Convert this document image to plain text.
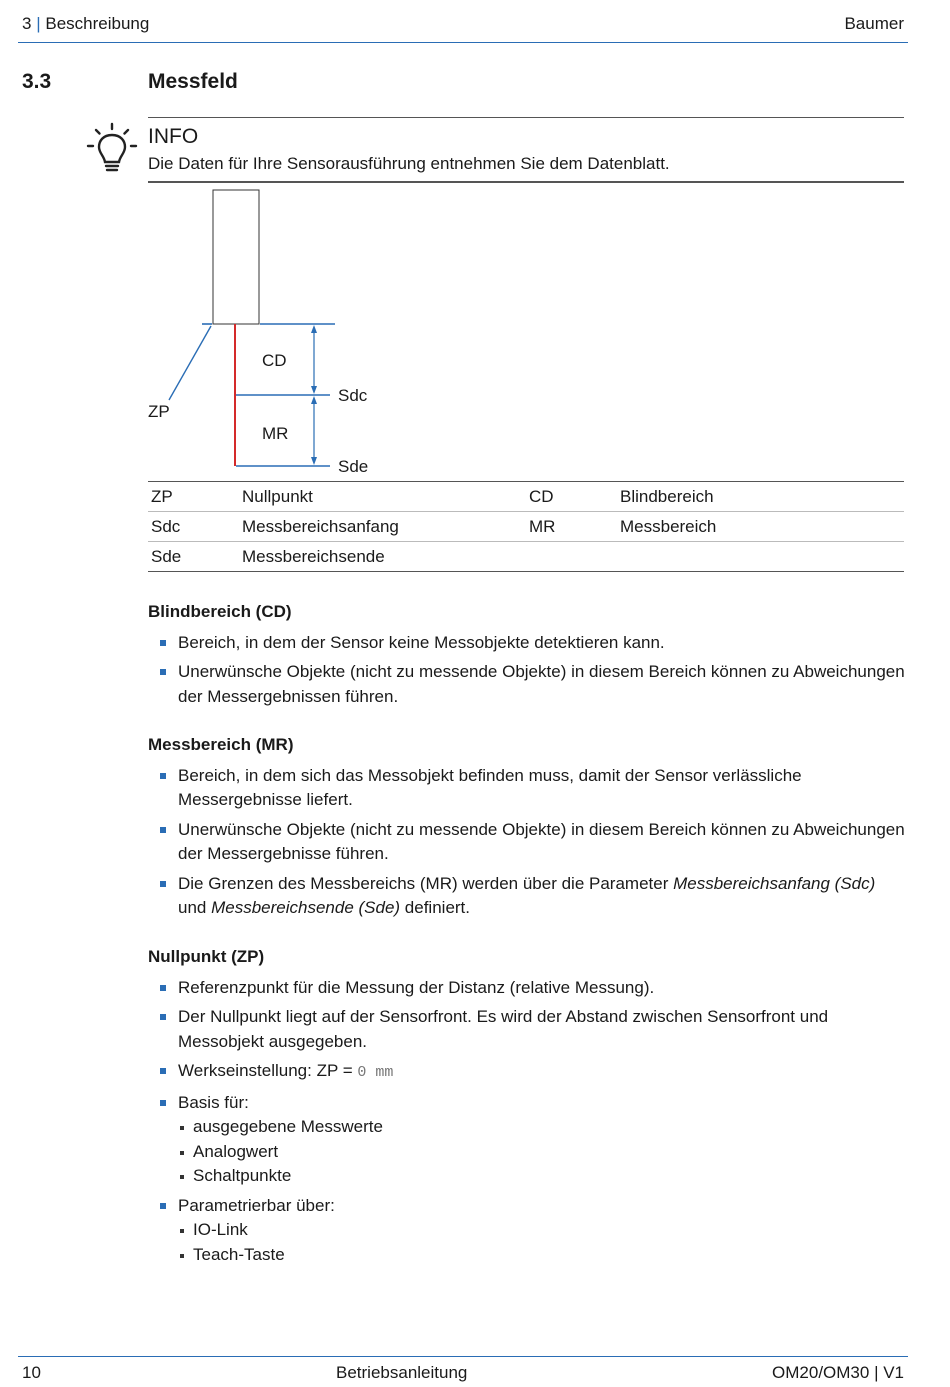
3 | Beschreibung	Baumer
3.3	Messfeld
INFO
Die Daten für Ihre Sensorausführung entnehmen Sie dem Datenblatt.
CD
MR
ZP
Sdc
Sde
ZP	Nullpunkt	CD	Blindbereich
Sdc	Messbereichsanfang	MR	Messbereich
Sde	Messbereichsende		
Blindbereich (CD)
Bereich, in dem der Sensor keine Messobjekte detektieren kann.
Unerwünsche Objekte (nicht zu messende Objekte) in diesem Bereich können zu Abweichungen der Messergebnissen führen.
Messbereich (MR)
Bereich, in dem sich das Messobjekt befinden muss, damit der Sensor verlässliche Messergebnisse liefert.
Unerwünsche Objekte (nicht zu messende Objekte) in diesem Bereich können zu Abweichungen der Messergebnisse führen.
Die Grenzen des Messbereichs (MR) werden über die Parameter Messbereichsanfang (Sdc) und Messbereichsende (Sde) definiert.
Nullpunkt (ZP)
Referenzpunkt für die Messung der Distanz (relative Messung).
Der Nullpunkt liegt auf der Sensorfront. Es wird der Abstand zwischen Sensorfront und Messobjekt ausgegeben.
Werkseinstellung: ZP = 0 mm
Basis für:
ausgegebene Messwerte
Analogwert
Schaltpunkte
Parametrierbar über:
IO-Link
Teach-Taste
10	Betriebsanleitung	OM20/OM30 | V1
